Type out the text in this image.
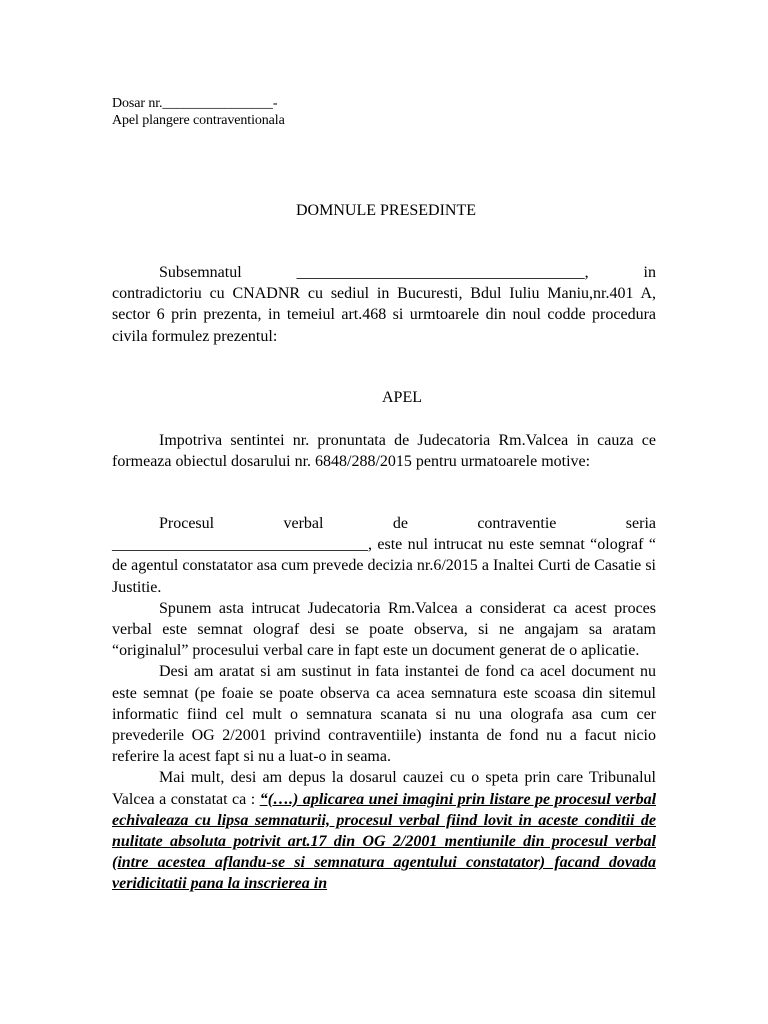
Dosar nr.________________-
Apel plangere contraventionala
DOMNULE PRESEDINTE
Subsemnatul	____________________________________,	in

contradictoriu cu CNADNR cu sediul in Bucuresti, Bdul Iuliu Maniu,nr.401 A, sector 6 prin prezenta, in temeiul art.468 si urmtoarele din noul codde procedura civila formulez prezentul:

APEL

Impotriva sentintei nr. pronuntata de Judecatoria Rm.Valcea in cauza ce formeaza obiectul dosarului nr. 6848/288/2015 pentru urmatoarele motive:

Procesul	verbal	de	contraventie	seria

________________________________, este nul intrucat nu este semnat “olograf “ de agentul constatator asa cum prevede decizia nr.6/2015 a Inaltei Curti de Casatie si Justitie.

Spunem asta intrucat Judecatoria Rm.Valcea a considerat ca acest proces verbal este semnat olograf desi se poate observa, si ne angajam sa aratam “originalul” procesului verbal care in fapt este un document generat de o aplicatie.

Desi am aratat si am sustinut in fata instantei de fond ca acel document nu este semnat (pe foaie se poate observa ca acea semnatura este scoasa din sitemul informatic fiind cel mult o semnatura scanata si nu una olografa asa cum cer prevederile OG 2/2001 privind contraventiile) instanta de fond nu a facut nicio referire la acest fapt si nu a luat-o in seama.

Mai mult, desi am depus la dosarul cauzei cu o speta prin care Tribunalul Valcea a constatat ca : “(….) aplicarea unei imagini prin listare pe procesul verbal echivaleaza cu lipsa semnaturii, procesul verbal fiind lovit in aceste conditii de nulitate absoluta potrivit art.17 din OG 2/2001 mentiunile din procesul verbal (intre acestea aflandu-se si semnatura agentului constatator) facand dovada veridicitatii pana la inscrierea in
